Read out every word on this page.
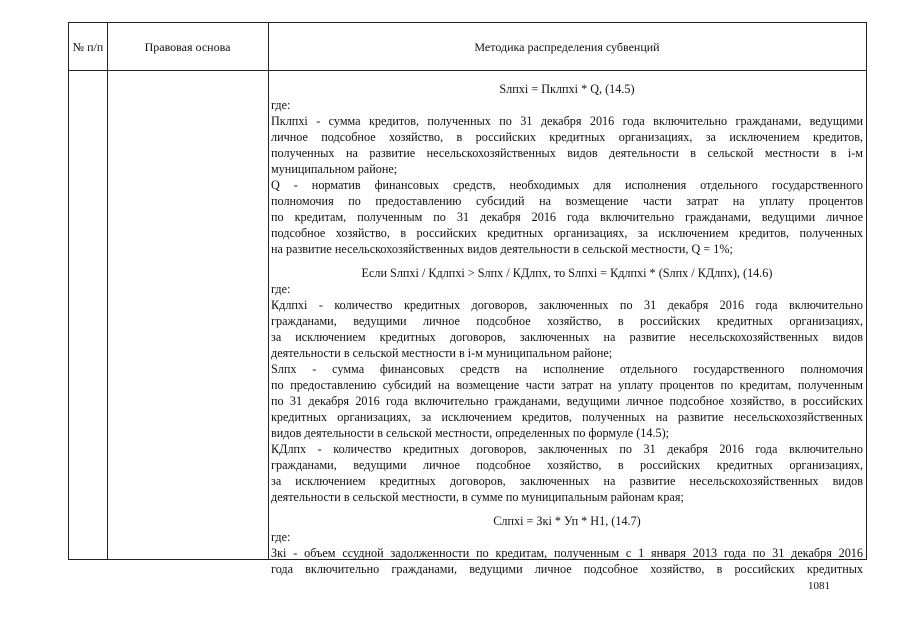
№ п/п	Правовая основа	Методика распределения субвенций

Sлпхi = Пклпхi * Q, (14.5)

где:

Пклпхi - сумма кредитов, полученных по 31 декабря 2016 года включительно гражданами, ведущими

личное подсобное хозяйство, в российских кредитных организациях, за исключением кредитов,

полученных на развитие несельскохозяйственных видов деятельности в сельской местности в i-м

муниципальном районе;

Q - норматив финансовых средств, необходимых для исполнения отдельного государственного

полномочия по предоставлению субсидий на возмещение части затрат на уплату процентов

по кредитам, полученным по 31 декабря 2016 года включительно гражданами, ведущими личное

подсобное хозяйство, в российских кредитных организациях, за исключением кредитов, полученных

на развитие несельскохозяйственных видов деятельности в сельской местности, Q = 1%;

Если Sлпхi / Кдлпхi > Sлпх / КДлпх, то Sлпхi = Кдлпхi * (Sлпх / КДлпх), (14.6)

где:

Кдлпхi - количество кредитных договоров, заключенных по 31 декабря 2016 года включительно

гражданами, ведущими личное подсобное хозяйство, в российских кредитных организациях,

за исключением кредитных договоров, заключенных на развитие несельскохозяйственных видов

деятельности в сельской местности в i-м муниципальном районе;

Sлпх - сумма финансовых средств на исполнение отдельного государственного полномочия

по предоставлению субсидий на возмещение части затрат на уплату процентов по кредитам, полученным

по 31 декабря 2016 года включительно гражданами, ведущими личное подсобное хозяйство, в российских

кредитных организациях, за исключением кредитов, полученных на развитие несельскохозяйственных

видов деятельности в сельской местности, определенных по формуле (14.5);

КДлпх - количество кредитных договоров, заключенных по 31 декабря 2016 года включительно

гражданами, ведущими личное подсобное хозяйство, в российских кредитных организациях,

за исключением кредитных договоров, заключенных на развитие несельскохозяйственных видов

деятельности в сельской местности, в сумме по муниципальным районам края;

Слпхi = Зкi * Уп * Н1, (14.7)

где:

Зкi - объем ссудной задолженности по кредитам, полученным с 1 января 2013 года по 31 декабря 2016

года включительно гражданами, ведущими личное подсобное хозяйство, в российских кредитных

1081
